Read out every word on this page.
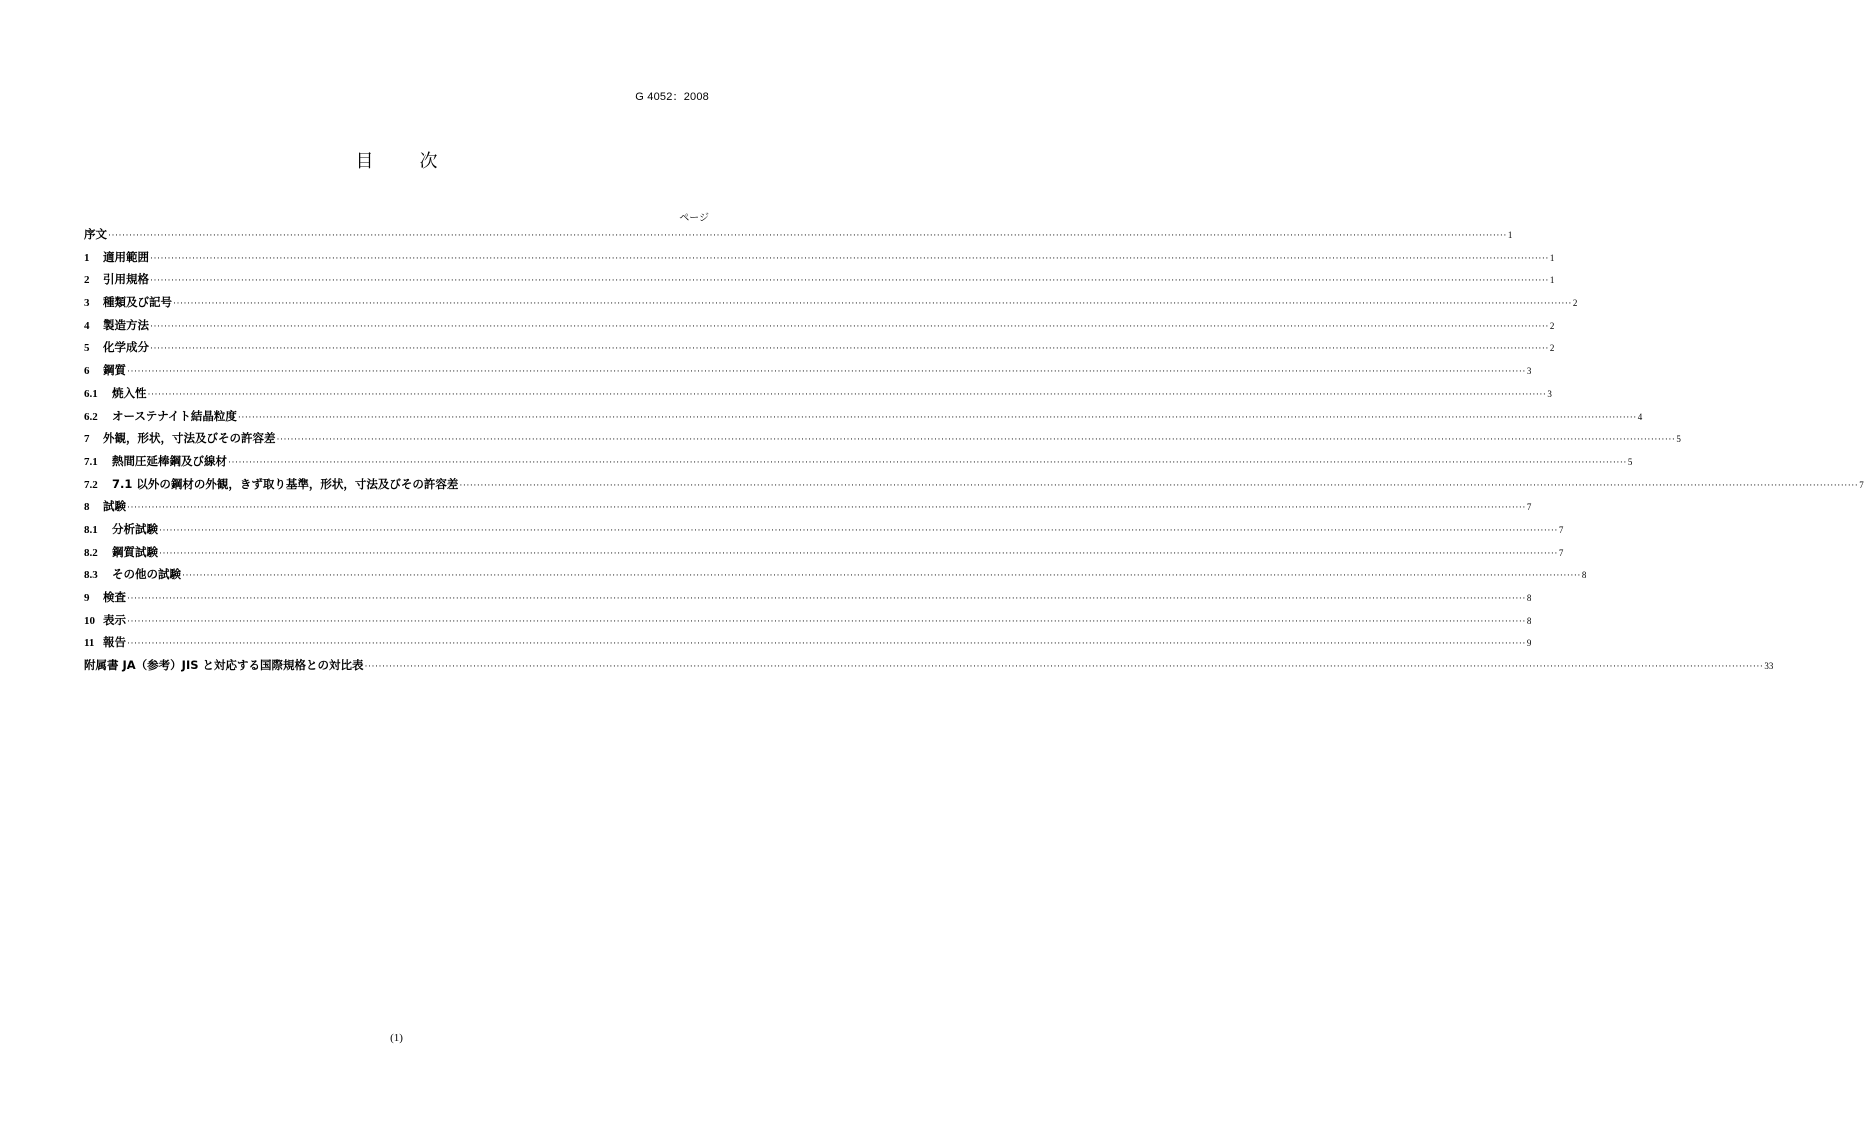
G 4052：2008
目　次
ページ
序文 ················································································································································································································································································································································································································ 1
1	適用範囲 ················································································································································································································································································································································································································ 1
2	引用規格 ················································································································································································································································································································································································································ 1
3	種類及び記号 ················································································································································································································································································································································································································ 2
4	製造方法 ················································································································································································································································································································································································································ 2
5	化学成分 ················································································································································································································································································································································································································ 2
6	鋼質 ················································································································································································································································································································································································································ 3
6.1	焼入性 ················································································································································································································································································································································································································ 3
6.2	オーステナイト結晶粒度 ················································································································································································································································································································································································································ 4
7	外観，形状，寸法及びその許容差 ················································································································································································································································································································································································································ 5
7.1	熱間圧延棒鋼及び線材 ················································································································································································································································································································································································································ 5
7.2	7.1 以外の鋼材の外観，きず取り基準，形状，寸法及びその許容差 ················································································································································································································································································································································································································ 7
8	試験 ················································································································································································································································································································································································································ 7
8.1	分析試験 ················································································································································································································································································································································································································ 7
8.2	鋼質試験 ················································································································································································································································································································································································································ 7
8.3	その他の試験 ················································································································································································································································································································································································································ 8
9	検査 ················································································································································································································································································································································································································ 8
10 表示 ················································································································································································································································································································································································································ 8
11 報告 ················································································································································································································································································································································································································ 9
附属書 JA（参考）JIS と対応する国際規格との対比表 ················································································································································································································································································································································································································ 33
(1)
